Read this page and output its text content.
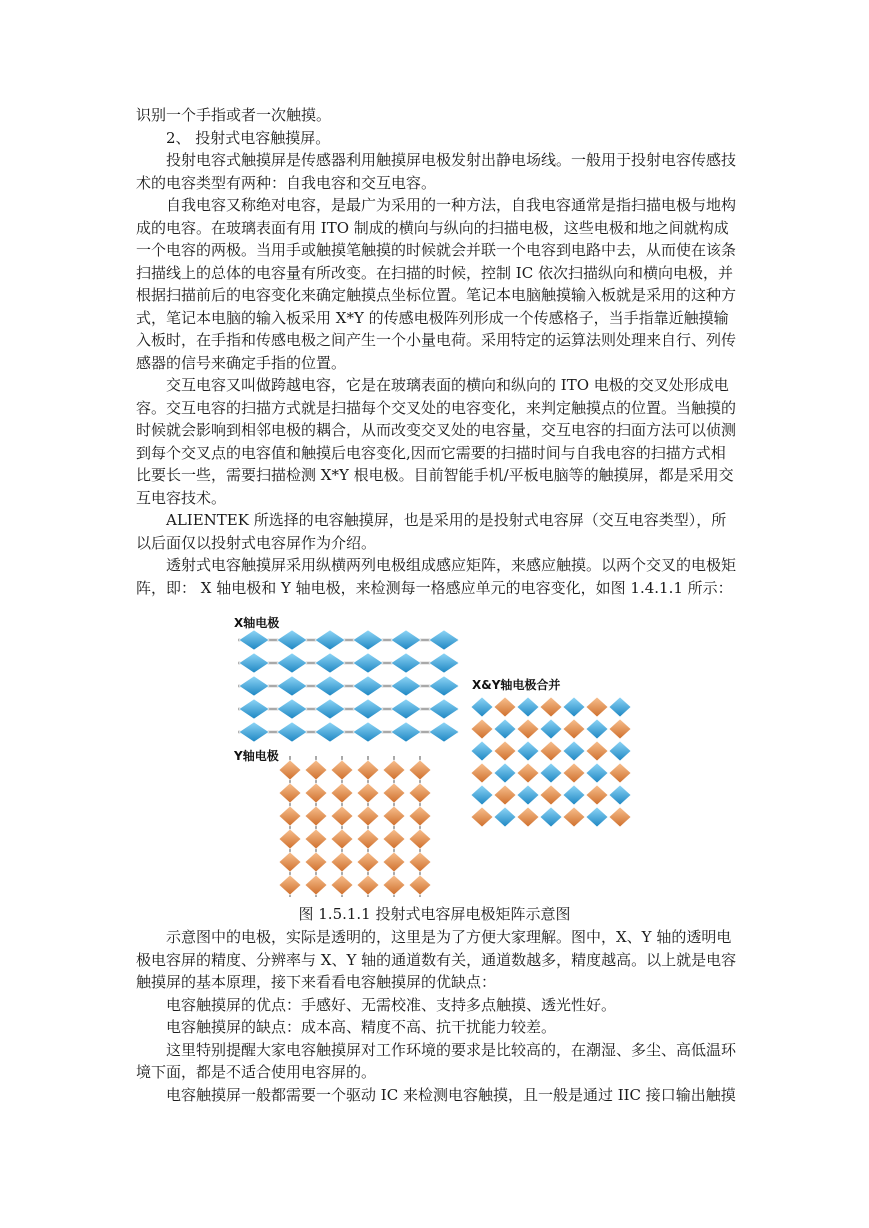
识别一个手指或者一次触摸。

2、 投射式电容触摸屏。

投射电容式触摸屏是传感器利用触摸屏电极发射出静电场线。一般用于投射电容传感技术的电容类型有两种：自我电容和交互电容。

自我电容又称绝对电容，是最广为采用的一种方法，自我电容通常是指扫描电极与地构成的电容。在玻璃表面有用 ITO 制成的横向与纵向的扫描电极，这些电极和地之间就构成一个电容的两极。当用手或触摸笔触摸的时候就会并联一个电容到电路中去，从而使在该条扫描线上的总体的电容量有所改变。在扫描的时候，控制 IC 依次扫描纵向和横向电极，并根据扫描前后的电容变化来确定触摸点坐标位置。笔记本电脑触摸输入板就是采用的这种方式，笔记本电脑的输入板采用 X*Y 的传感电极阵列形成一个传感格子，当手指靠近触摸输入板时，在手指和传感电极之间产生一个小量电荷。采用特定的运算法则处理来自行、列传感器的信号来确定手指的位置。

交互电容又叫做跨越电容，它是在玻璃表面的横向和纵向的 ITO 电极的交叉处形成电容。交互电容的扫描方式就是扫描每个交叉处的电容变化，来判定触摸点的位置。当触摸的时候就会影响到相邻电极的耦合，从而改变交叉处的电容量，交互电容的扫面方法可以侦测到每个交叉点的电容值和触摸后电容变化,因而它需要的扫描时间与自我电容的扫描方式相比要长一些，需要扫描检测 X*Y 根电极。目前智能手机/平板电脑等的触摸屏，都是采用交互电容技术。

ALIENTEK 所选择的电容触摸屏，也是采用的是投射式电容屏（交互电容类型），所以后面仅以投射式电容屏作为介绍。

透射式电容触摸屏采用纵横两列电极组成感应矩阵，来感应触摸。以两个交叉的电极矩阵，即： X 轴电极和 Y 轴电极，来检测每一格感应单元的电容变化，如图 1.4.1.1 所示：

X轴电极
Y轴电极
X&Y轴电极合并
图 1.5.1.1 投射式电容屏电极矩阵示意图

示意图中的电极，实际是透明的，这里是为了方便大家理解。图中，X、Y 轴的透明电极电容屏的精度、分辨率与 X、Y 轴的通道数有关，通道数越多，精度越高。以上就是电容触摸屏的基本原理，接下来看看电容触摸屏的优缺点：

电容触摸屏的优点：手感好、无需校准、支持多点触摸、透光性好。

电容触摸屏的缺点：成本高、精度不高、抗干扰能力较差。

这里特别提醒大家电容触摸屏对工作环境的要求是比较高的，在潮湿、多尘、高低温环境下面，都是不适合使用电容屏的。

电容触摸屏一般都需要一个驱动 IC 来检测电容触摸，且一般是通过 IIC 接口输出触摸
